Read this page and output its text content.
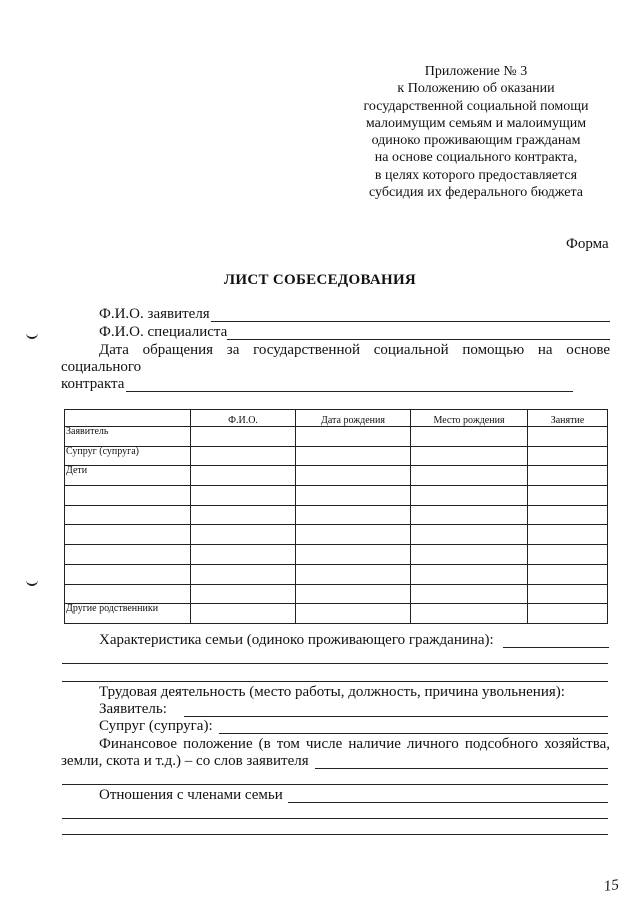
Приложение № 3
к Положению об оказании
государственной социальной помощи
малоимущим семьям и малоимущим
одиноко проживающим гражданам
на основе социального контракта,
в целях которого предоставляется
субсидия их федерального бюджета
Форма
ЛИСТ СОБЕСЕДОВАНИЯ
Ф.И.О. заявителя
Ф.И.О. специалиста
Дата обращения за государственной социальной помощью на основе
социального
контракта
	Ф.И.О.	Дата рождения	Место рождения	Занятие
Заявитель				
Супруг (супруга)				
Дети				

Другие родственники				
Характеристика семьи (одиноко проживающего гражданина):
Трудовая деятельность (место работы, должность, причина увольнения):
Заявитель:
Супруг (супруга):
Финансовое положение (в том числе наличие личного подсобного хозяйства,
земли, скота и т.д.) – со слов заявителя
Отношения с членами семьи
15
